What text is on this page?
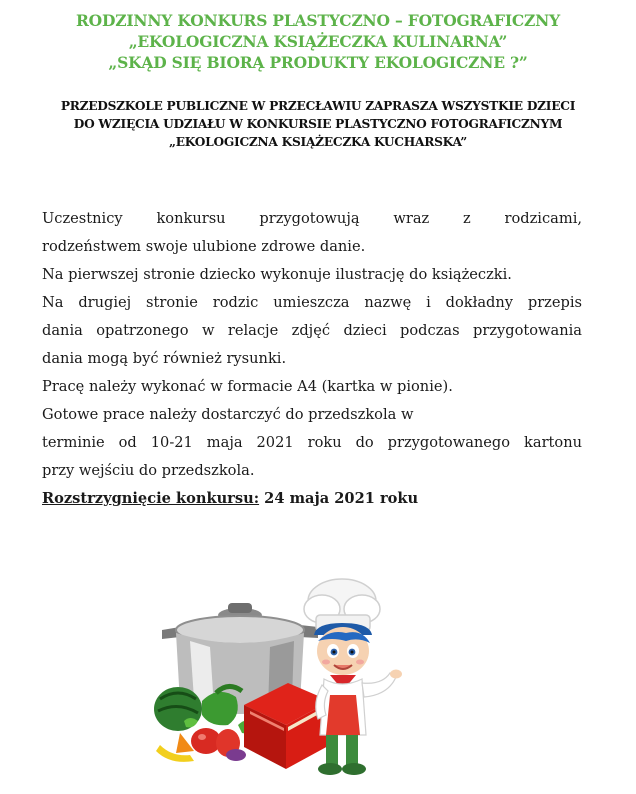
RODZINNY KONKURS PLASTYCZNO – FOTOGRAFICZNY
„EKOLOGICZNA KSIĄŻECZKA KULINARNA”
„SKĄD SIĘ BIORĄ PRODUKTY EKOLOGICZNE ?”
PRZEDSZKOLE PUBLICZNE W PRZECŁAWIU ZAPRASZA WSZYSTKIE DZIECI
DO WZIĘCIA UDZIAŁU W KONKURSIE PLASTYCZNO FOTOGRAFICZNYM
„EKOLOGICZNA KSIĄŻECZKA KUCHARSKA”

Uczestnicy konkursu przygotowują wraz z rodzicami,

rodzeństwem swoje ulubione zdrowe danie.

Na pierwszej stronie dziecko wykonuje ilustrację do książeczki.

Na drugiej stronie rodzic umieszcza nazwę i dokładny przepis

dania opatrzonego w relacje zdjęć dzieci podczas przygotowania

dania mogą być również rysunki.

Pracę należy wykonać w formacie A4 (kartka w pionie).

Gotowe prace należy dostarczyć do przedszkola w

terminie od 10-21 maja 2021 roku do przygotowanego kartonu

przy wejściu do przedszkola.

Rozstrzygnięcie konkursu: 24 maja 2021 roku
